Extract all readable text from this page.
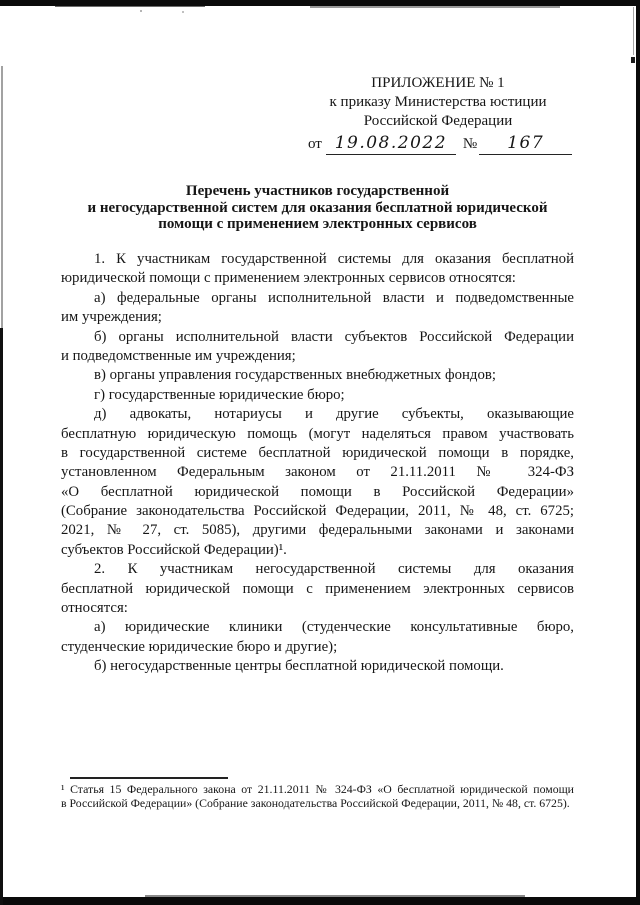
ПРИЛОЖЕНИЕ № 1
к приказу Министерства юстиции
Российской Федерации
от 19.08.2022	№	167
Перечень участников государственной
и негосударственной систем для оказания бесплатной юридической
помощи с применением электронных сервисов
1. К участникам государственной системы для оказания бесплатной
юридической помощи с применением электронных сервисов относятся:
а) федеральные органы исполнительной власти и подведомственные
им учреждения;
б) органы исполнительной власти субъектов Российской Федерации
и подведомственные им учреждения;
в) органы управления государственных внебюджетных фондов;
г) государственные юридические бюро;
д) адвокаты, нотариусы и другие субъекты, оказывающие
бесплатную юридическую помощь (могут наделяться правом участвовать
в государственной системе бесплатной юридической помощи в порядке,
установленном Федеральным законом от 21.11.2011 № 324-ФЗ
«О бесплатной юридической помощи в Российской Федерации»
(Собрание законодательства Российской Федерации, 2011, № 48, ст. 6725;
2021, № 27, ст. 5085), другими федеральными законами и законами
субъектов Российской Федерации)¹.
2. К участникам негосударственной системы для оказания
бесплатной юридической помощи с применением электронных сервисов
относятся:
а) юридические клиники (студенческие консультативные бюро,
студенческие юридические бюро и другие);
б) негосударственные центры бесплатной юридической помощи.
¹ Статья 15 Федерального закона от 21.11.2011 № 324-ФЗ «О бесплатной юридической помощи
в Российской Федерации» (Собрание законодательства Российской Федерации, 2011, № 48, ст. 6725).
